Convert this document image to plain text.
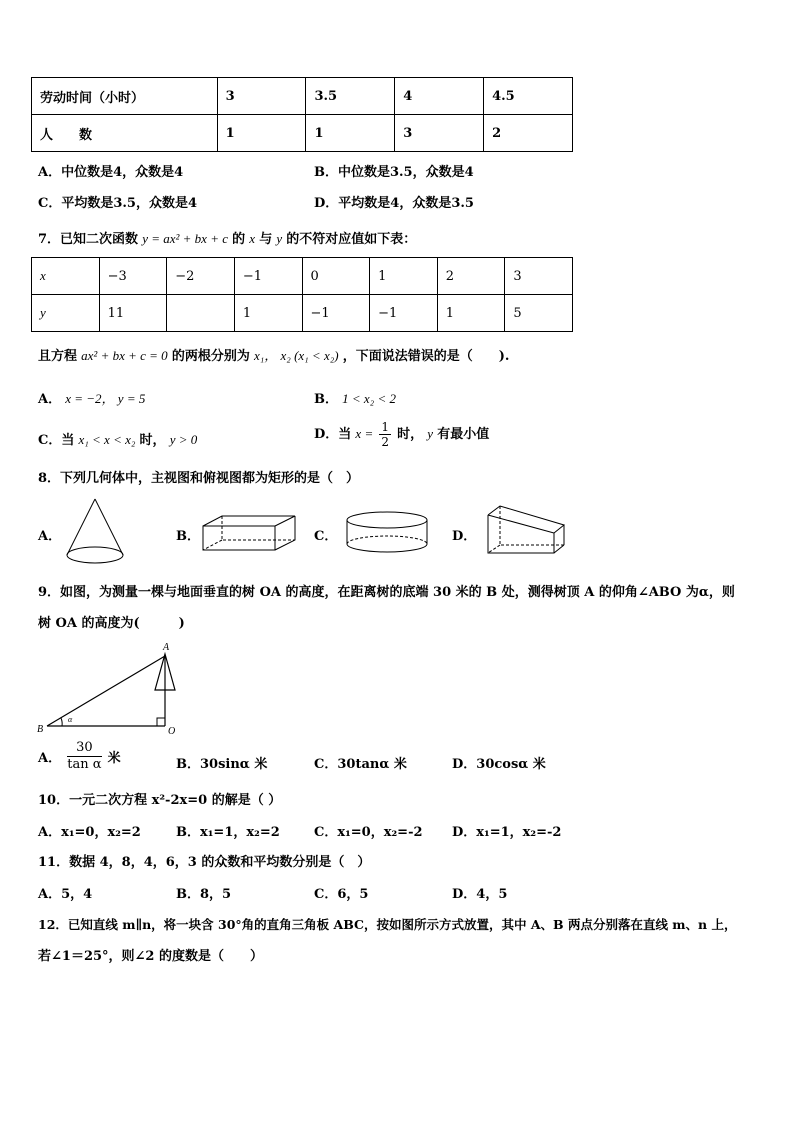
劳动时间（小时）	3	3.5	4	4.5
人　　数	1	1	3	2
A．中位数是4，众数是4	B．中位数是3.5，众数是4
C．平均数是3.5，众数是4	D．平均数是4，众数是3.5
7．已知二次函数 y = ax² + bx + c 的 x 与 y 的不符对应值如下表：
x	−3	−2	−1	0	1	2	3
y	11		1	−1	−1	1	5
且方程 ax² + bx + c = 0 的两根分别为 x₁， x₂ (x₁ < x₂) ，下面说法错误的是（　　).
A． x = −2， y = 5	B． 1 < x₂ < 2
C．当 x₁ < x < x₂ 时， y > 0	D．当 $x = \frac{1}{2}$ 时， y 有最小值
8．下列几何体中，主视图和俯视图都为矩形的是（　）
A．	B．	C．	D．
9．如图，为测量一棵与地面垂直的树 OA 的高度，在距离树的底端 30 米的 B 处，测得树顶 A 的仰角∠ABO 为α，则
树 OA 的高度为(　　　)
A
B	O
α
A． $\frac{30}{\text{tan α}}$ 米	B．30sinα 米	C．30tanα 米	D．30cosα 米
10．一元二次方程 x²-2x=0 的解是（ ）
A．x₁=0，x₂=2	B．x₁=1，x₂=2	C．x₁=0，x₂=-2 D．x₁=1，x₂=-2
11．数据 4，8，4，6，3 的众数和平均数分别是（　）
A．5，4	B．8，5	C．6，5	D．4，5
12．已知直线 m∥n，将一块含 30°角的直角三角板 ABC，按如图所示方式放置，其中 A、B 两点分别落在直线 m、n 上，
若∠1＝25°，则∠2 的度数是（　　）
